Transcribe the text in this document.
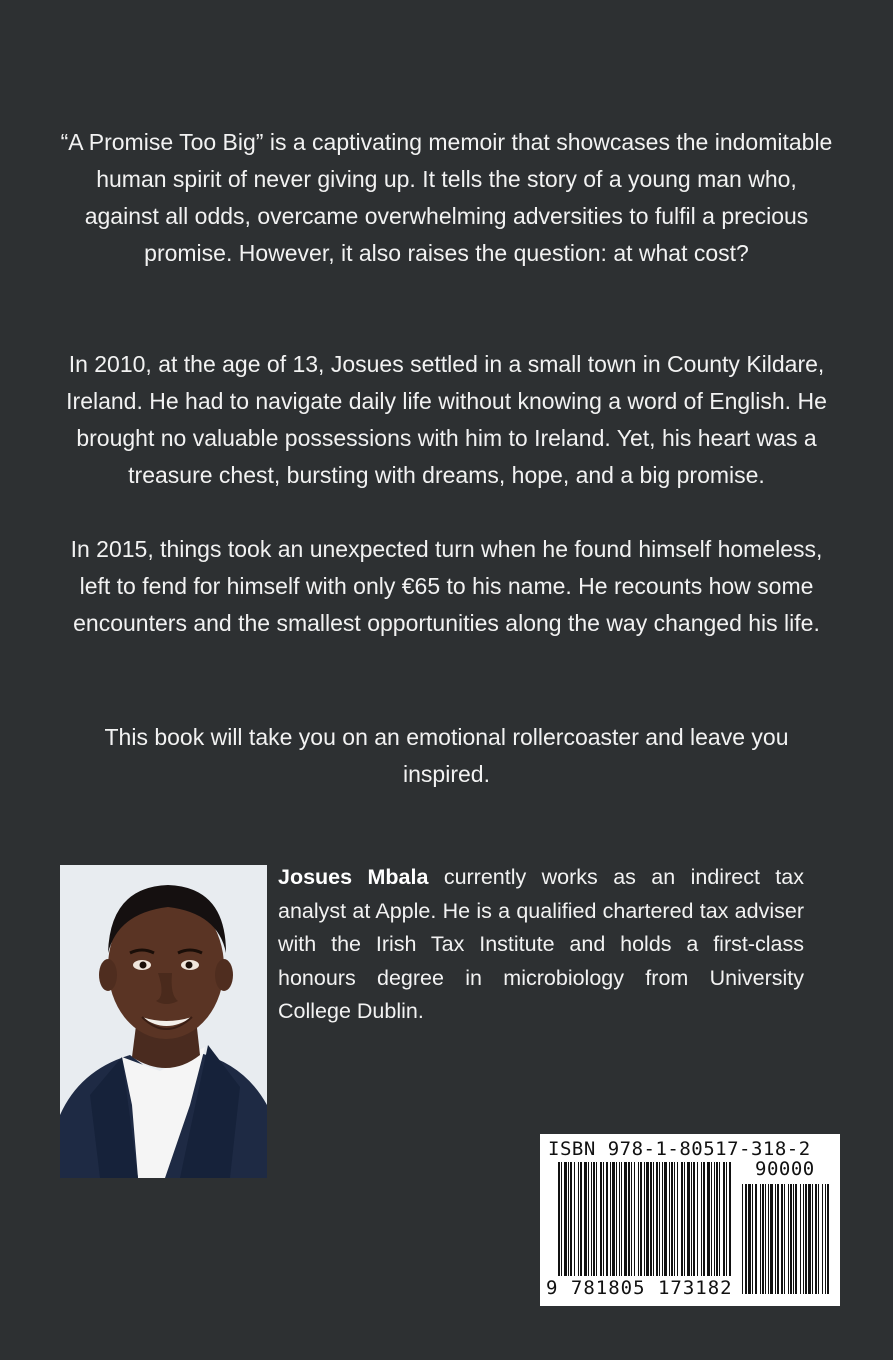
“A Promise Too Big” is a captivating memoir that showcases the indomitable human spirit of never giving up. It tells the story of a young man who, against all odds, overcame overwhelming adversities to fulfil a precious promise. However, it also raises the question: at what cost?

In 2010, at the age of 13, Josues settled in a small town in County Kildare, Ireland. He had to navigate daily life without knowing a word of English. He brought no valuable possessions with him to Ireland. Yet, his heart was a treasure chest, bursting with dreams, hope, and a big promise.

In 2015, things took an unexpected turn when he found himself homeless, left to fend for himself with only €65 to his name. He recounts how some encounters and the smallest opportunities along the way changed his life.

This book will take you on an emotional rollercoaster and leave you inspired.

Josues Mbala currently works as an indirect tax analyst at Apple. He is a qualified chartered tax adviser with the Irish Tax Institute and holds a first-class honours degree in microbiology from University College Dublin.

ISBN 978-1-80517-318-2
90000
9 781805 173182
